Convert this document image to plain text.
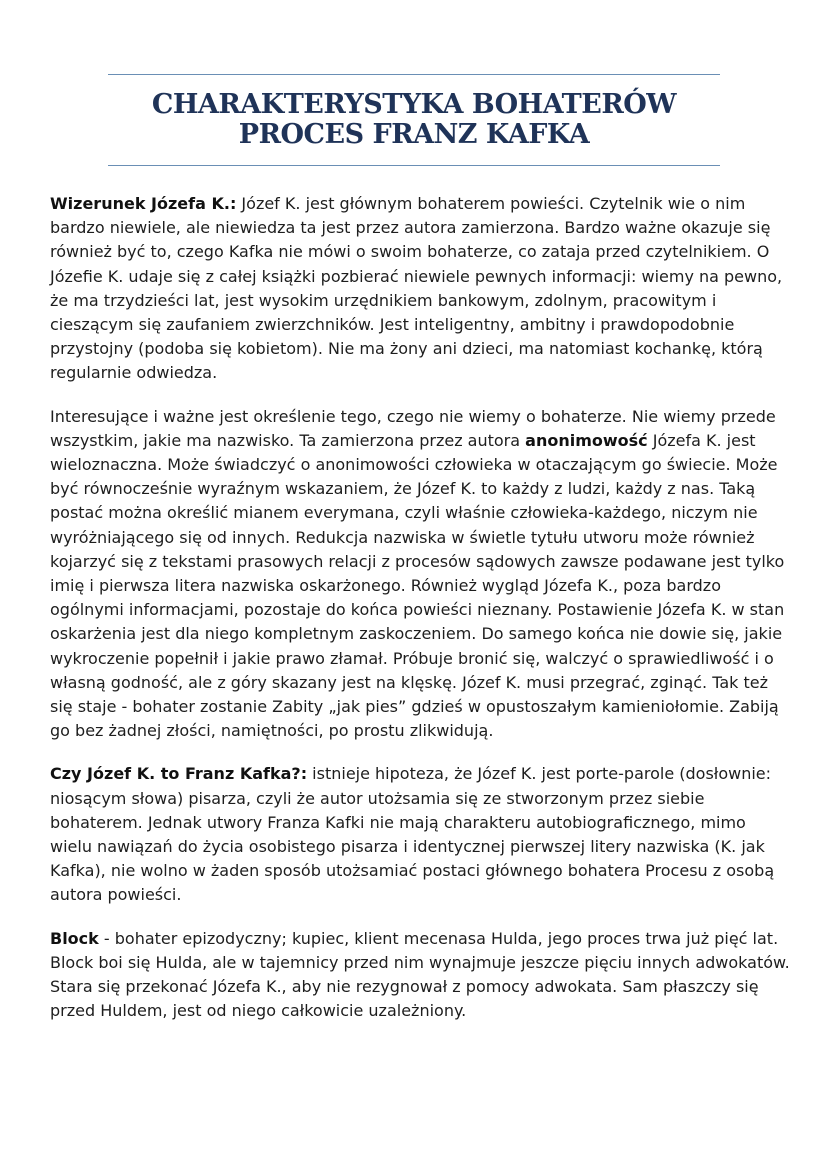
CHARAKTERYSTYKA BOHATERÓW
PROCES FRANZ KAFKA

Wizerunek Józefa K.: Józef K. jest głównym bohaterem powieści. Czytelnik wie o nim bardzo niewiele, ale niewiedza ta jest przez autora zamierzona. Bardzo ważne okazuje się również być to, czego Kafka nie mówi o swoim bohaterze, co zataja przed czytelnikiem. O Józefie K. udaje się z całej książki pozbierać niewiele pewnych informacji: wiemy na pewno, że ma trzydzieści lat, jest wysokim urzędnikiem bankowym, zdolnym, pracowitym i cieszącym się zaufaniem zwierzchników. Jest inteligentny, ambitny i prawdopodobnie przystojny (podoba się kobietom). Nie ma żony ani dzieci, ma natomiast kochankę, którą regularnie odwiedza.

Interesujące i ważne jest określenie tego, czego nie wiemy o bohaterze. Nie wiemy przede wszystkim, jakie ma nazwisko. Ta zamierzona przez autora anonimowość Józefa K. jest wieloznaczna. Może świadczyć o anonimowości człowieka w otaczającym go świecie. Może być równocześnie wyraźnym wskazaniem, że Józef K. to każdy z ludzi, każdy z nas. Taką postać można określić mianem everymana, czyli właśnie człowieka-każdego, niczym nie wyróżniającego się od innych. Redukcja nazwiska w świetle tytułu utworu może również kojarzyć się z tekstami prasowych relacji z procesów sądowych zawsze podawane jest tylko imię i pierwsza litera nazwiska oskarżonego. Również wygląd Józefa K., poza bardzo ogólnymi informacjami, pozostaje do końca powieści nieznany. Postawienie Józefa K. w stan oskarżenia jest dla niego kompletnym zaskoczeniem. Do samego końca nie dowie się, jakie wykroczenie popełnił i jakie prawo złamał. Próbuje bronić się, walczyć o sprawiedliwość i o własną godność, ale z góry skazany jest na klęskę. Józef K. musi przegrać, zginąć. Tak też się staje - bohater zostanie Zabity „jak pies” gdzieś w opustoszałym kamieniołomie. Zabiją go bez żadnej złości, namiętności, po prostu zlikwidują.

Czy Józef K. to Franz Kafka?: istnieje hipoteza, że Józef K. jest porte-parole (dosłownie: niosącym słowa) pisarza, czyli że autor utożsamia się ze stworzonym przez siebie bohaterem. Jednak utwory Franza Kafki nie mają charakteru autobiograficznego, mimo wielu nawiązań do życia osobistego pisarza i identycznej pierwszej litery nazwiska (K. jak Kafka), nie wolno w żaden sposób utożsamiać postaci głównego bohatera Procesu z osobą autora powieści.

Block - bohater epizodyczny; kupiec, klient mecenasa Hulda, jego proces trwa już pięć lat. Block boi się Hulda, ale w tajemnicy przed nim wynajmuje jeszcze pięciu innych adwokatów. Stara się przekonać Józefa K., aby nie rezygnował z pomocy adwokata. Sam płaszczy się przed Huldem, jest od niego całkowicie uzależniony.
